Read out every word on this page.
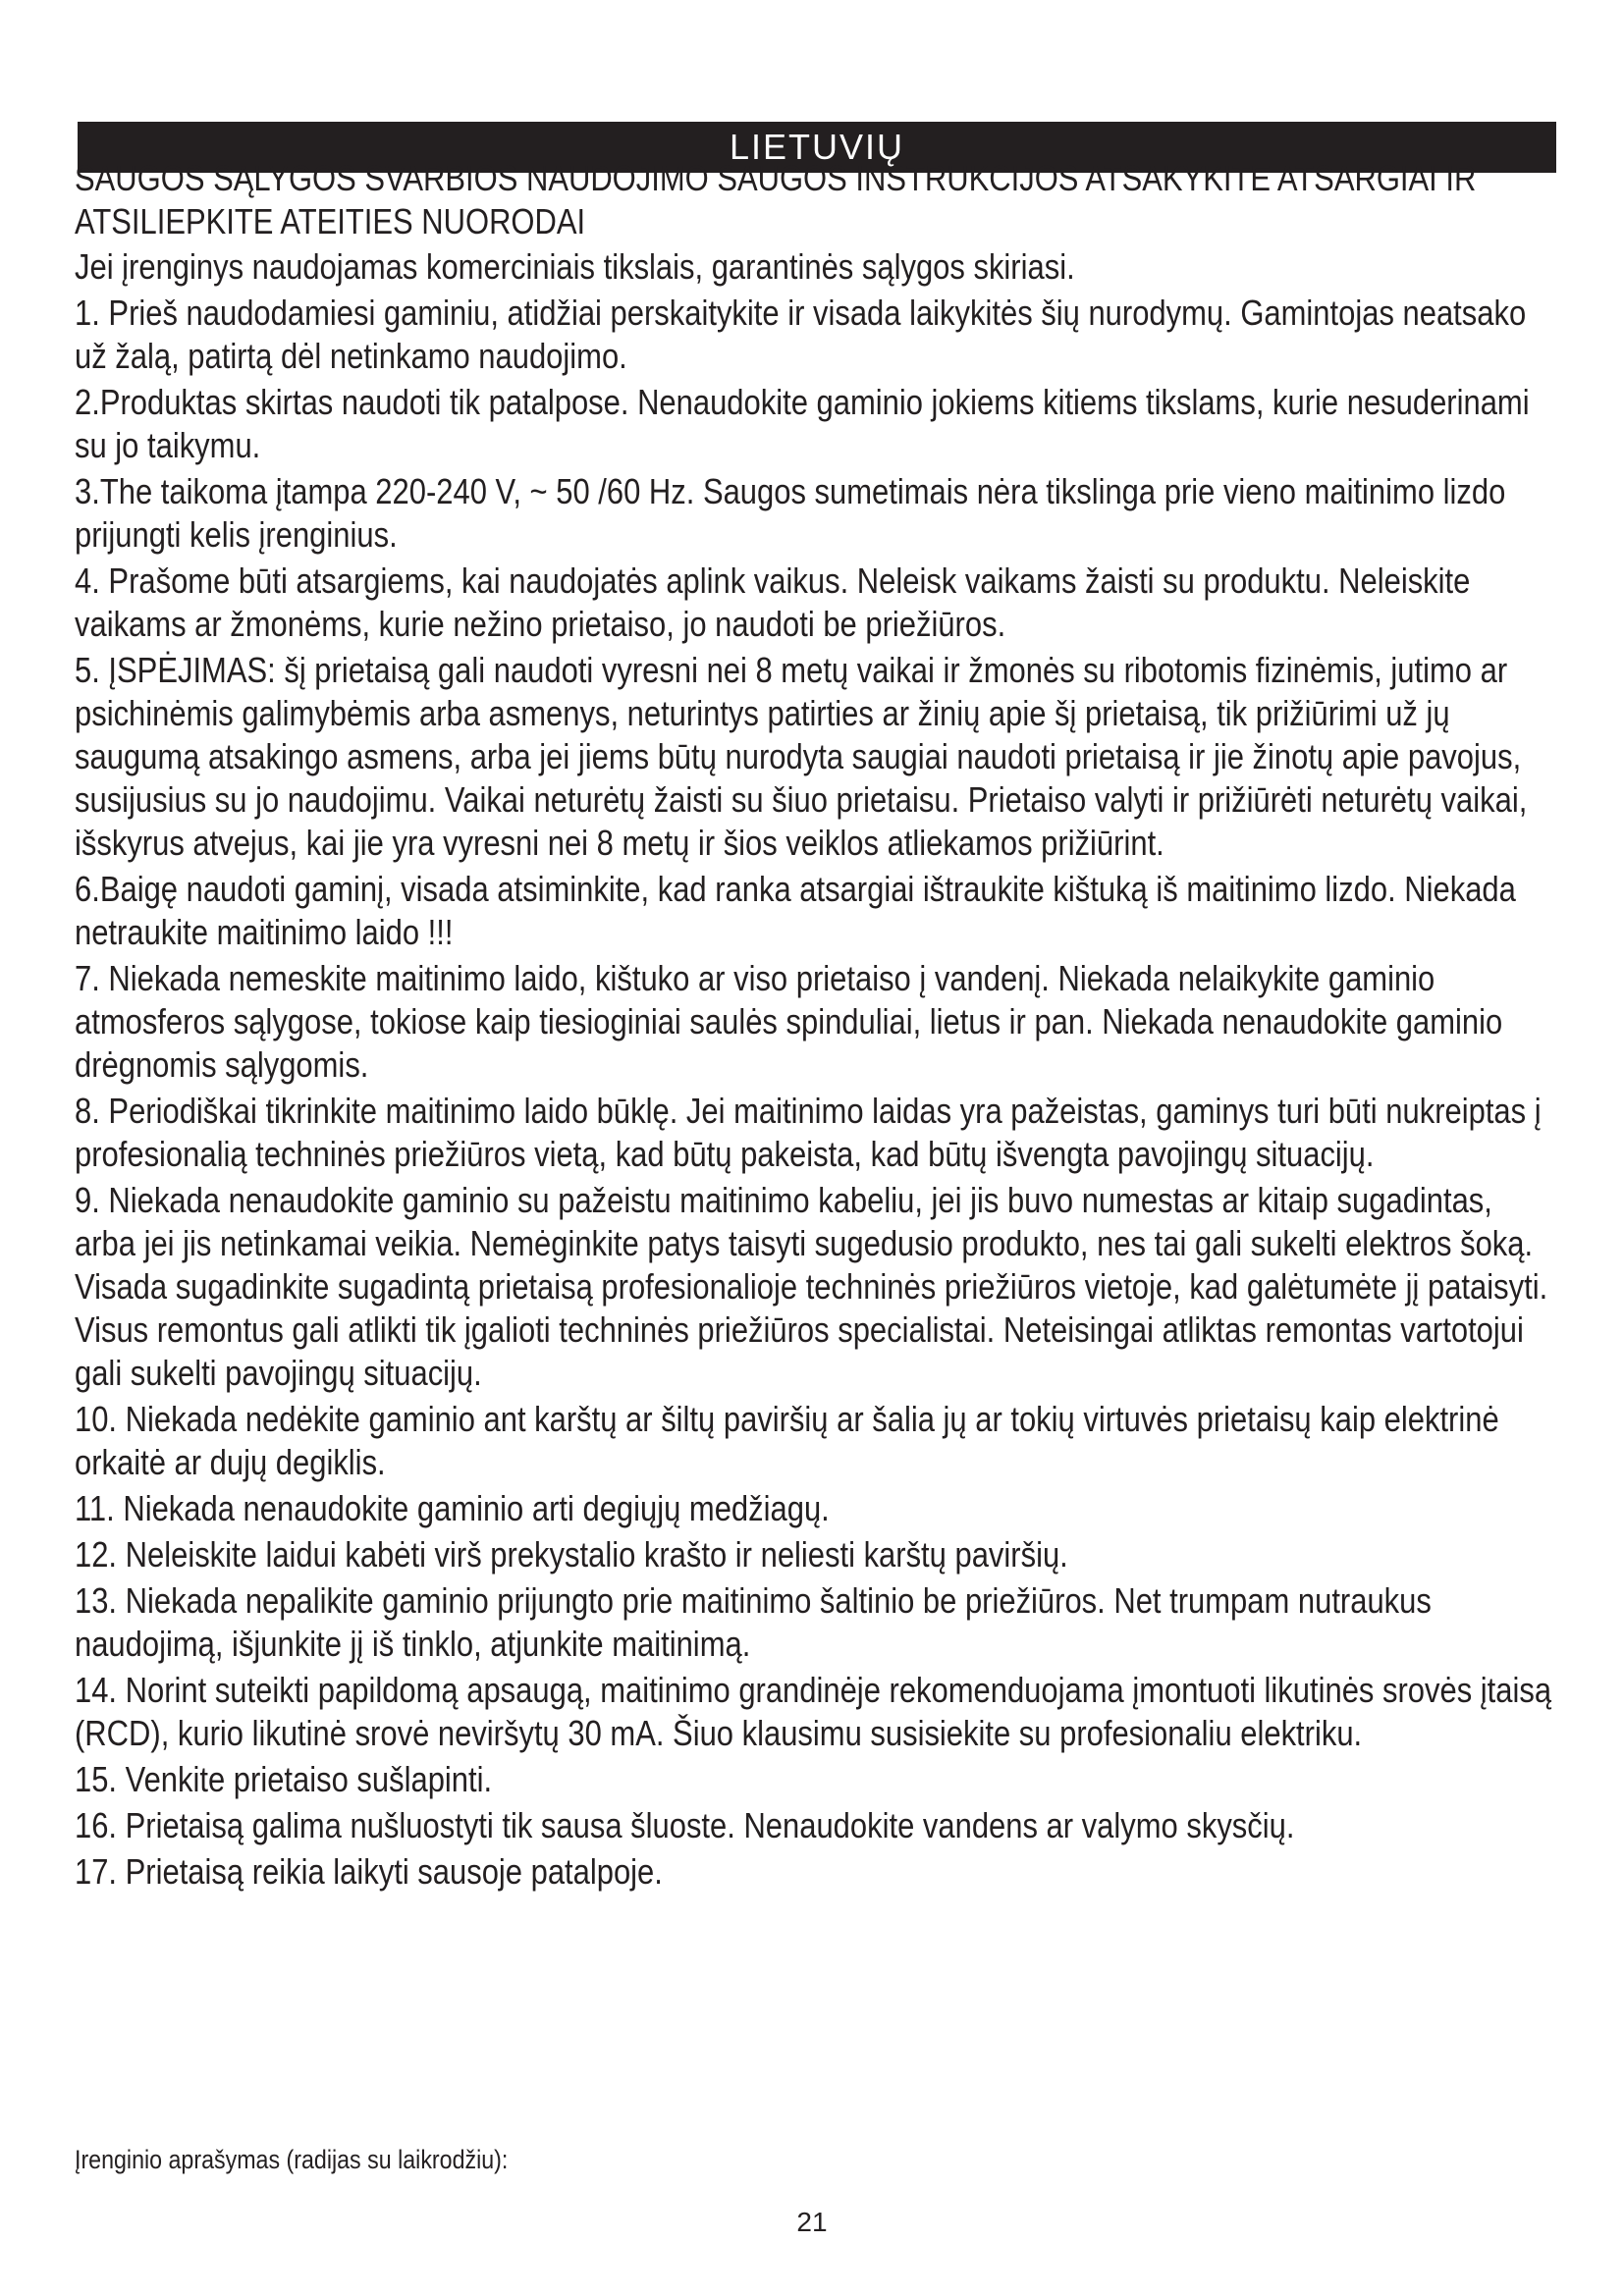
LIETUVIŲ

SAUGOS SĄLYGOS SVARBIOS NAUDOJIMO SAUGOS INSTRUKCIJOS ATSAKYKITE ATSARGIAI IR ATSILIEPKITE ATEITIES NUORODAI

Jei įrenginys naudojamas komerciniais tikslais, garantinės sąlygos skiriasi.

1. Prieš naudodamiesi gaminiu, atidžiai perskaitykite ir visada laikykitės šių nurodymų. Gamintojas neatsako už žalą, patirtą dėl netinkamo naudojimo.

2.Produktas skirtas naudoti tik patalpose. Nenaudokite gaminio jokiems kitiems tikslams, kurie nesuderinami su jo taikymu.

3.The taikoma įtampa 220-240 V, ~ 50 /60 Hz. Saugos sumetimais nėra tikslinga prie vieno maitinimo lizdo prijungti kelis įrenginius.

4. Prašome būti atsargiems, kai naudojatės aplink vaikus. Neleisk vaikams žaisti su produktu. Neleiskite vaikams ar žmonėms, kurie nežino prietaiso, jo naudoti be priežiūros.

5. ĮSPĖJIMAS: šį prietaisą gali naudoti vyresni nei 8 metų vaikai ir žmonės su ribotomis fizinėmis, jutimo ar psichinėmis galimybėmis arba asmenys, neturintys patirties ar žinių apie šį prietaisą, tik prižiūrimi už jų saugumą atsakingo asmens, arba jei jiems būtų nurodyta saugiai naudoti prietaisą ir jie žinotų apie pavojus, susijusius su jo naudojimu. Vaikai neturėtų žaisti su šiuo prietaisu. Prietaiso valyti ir prižiūrėti neturėtų vaikai, išskyrus atvejus, kai jie yra vyresni nei 8 metų ir šios veiklos atliekamos prižiūrint.

6.Baigę naudoti gaminį, visada atsiminkite, kad ranka atsargiai ištraukite kištuką iš maitinimo lizdo. Niekada netraukite maitinimo laido !!!

7. Niekada nemeskite maitinimo laido, kištuko ar viso prietaiso į vandenį. Niekada nelaikykite gaminio atmosferos sąlygose, tokiose kaip tiesioginiai saulės spinduliai, lietus ir pan. Niekada nenaudokite gaminio drėgnomis sąlygomis.

8. Periodiškai tikrinkite maitinimo laido būklę. Jei maitinimo laidas yra pažeistas, gaminys turi būti nukreiptas į profesionalią techninės priežiūros vietą, kad būtų pakeista, kad būtų išvengta pavojingų situacijų.

9. Niekada nenaudokite gaminio su pažeistu maitinimo kabeliu, jei jis buvo numestas ar kitaip sugadintas, arba jei jis netinkamai veikia. Nemėginkite patys taisyti sugedusio produkto, nes tai gali sukelti elektros šoką. Visada sugadinkite sugadintą prietaisą profesionalioje techninės priežiūros vietoje, kad galėtumėte jį pataisyti. Visus remontus gali atlikti tik įgalioti techninės priežiūros specialistai. Neteisingai atliktas remontas vartotojui gali sukelti pavojingų situacijų.

10. Niekada nedėkite gaminio ant karštų ar šiltų paviršių ar šalia jų ar tokių virtuvės prietaisų kaip elektrinė orkaitė ar dujų degiklis.

11. Niekada nenaudokite gaminio arti degiųjų medžiagų.

12. Neleiskite laidui kabėti virš prekystalio krašto ir neliesti karštų paviršių.

13. Niekada nepalikite gaminio prijungto prie maitinimo šaltinio be priežiūros. Net trumpam nutraukus naudojimą, išjunkite jį iš tinklo, atjunkite maitinimą.

14. Norint suteikti papildomą apsaugą, maitinimo grandinėje rekomenduojama įmontuoti likutinės srovės įtaisą (RCD), kurio likutinė srovė neviršytų 30 mA. Šiuo klausimu susisiekite su profesionaliu elektriku.

15. Venkite prietaiso sušlapinti.

16. Prietaisą galima nušluostyti tik sausa šluoste. Nenaudokite vandens ar valymo skysčių.

17. Prietaisą reikia laikyti sausoje patalpoje.

Įrenginio aprašymas (radijas su laikrodžiu):

21
